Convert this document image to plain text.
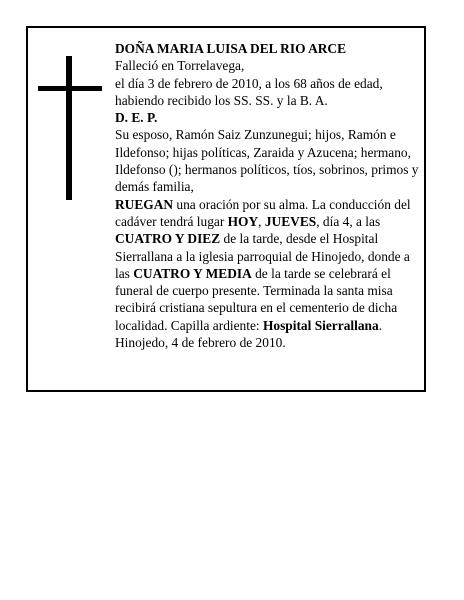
DOÑA MARIA LUISA DEL RIO ARCE

Falleció en Torrelavega,

el día 3 de febrero de 2010, a los 68 años de edad, habiendo recibido los SS. SS. y la B. A.

D. E. P.

Su esposo, Ramón Saiz Zunzunegui; hijos, Ramón e Ildefonso; hijas políticas, Zaraida y Azucena; hermano, Ildefonso (); hermanos políticos, tíos, sobrinos, primos y demás familia,

RUEGAN una oración por su alma. La conducción del cadáver tendrá lugar HOY, JUEVES, día 4, a las CUATRO Y DIEZ de la tarde, desde el Hospital Sierrallana a la iglesia parroquial de Hinojedo, donde a las CUATRO Y MEDIA de la tarde se celebrará el funeral de cuerpo presente. Terminada la santa misa recibirá cristiana sepultura en el cementerio de dicha localidad. Capilla ardiente: Hospital Sierrallana.

Hinojedo, 4 de febrero de 2010.
